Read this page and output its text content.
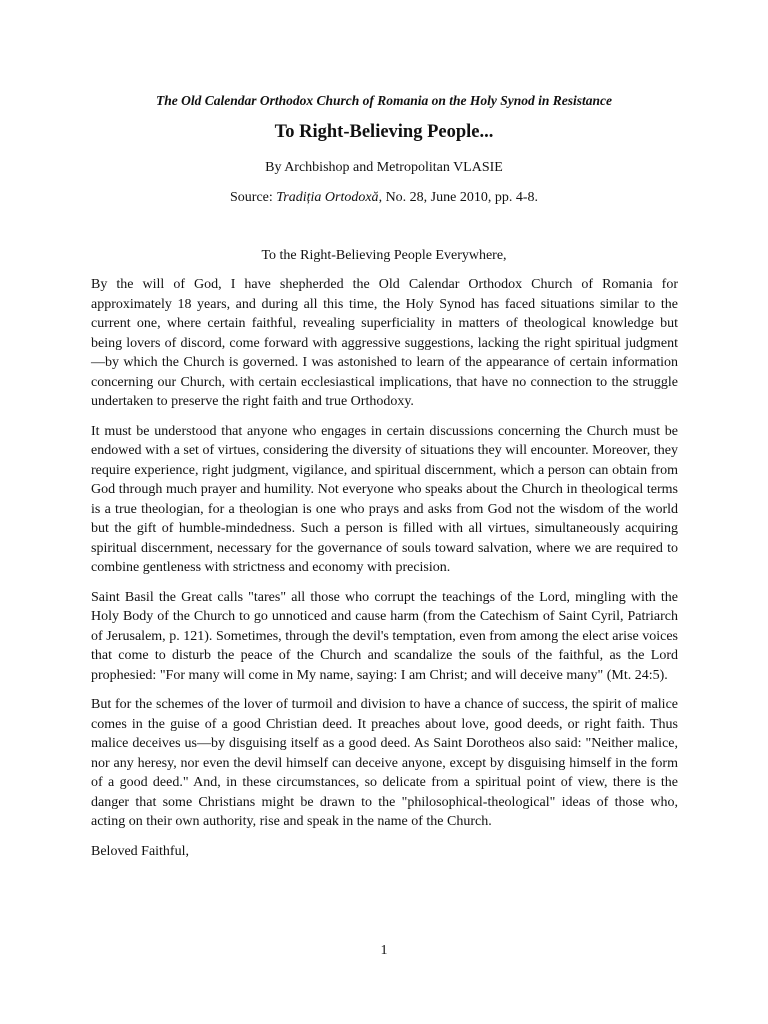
The Old Calendar Orthodox Church of Romania on the Holy Synod in Resistance

To Right-Believing People...

By Archbishop and Metropolitan VLASIE

Source: Tradiția Ortodoxă, No. 28, June 2010, pp. 4-8.

To the Right-Believing People Everywhere,

By the will of God, I have shepherded the Old Calendar Orthodox Church of Romania for approximately 18 years, and during all this time, the Holy Synod has faced situations similar to the current one, where certain faithful, revealing superficiality in matters of theological knowledge but being lovers of discord, come forward with aggressive suggestions, lacking the right spiritual judgment—by which the Church is governed. I was astonished to learn of the appearance of certain information concerning our Church, with certain ecclesiastical implications, that have no connection to the struggle undertaken to preserve the right faith and true Orthodoxy.

It must be understood that anyone who engages in certain discussions concerning the Church must be endowed with a set of virtues, considering the diversity of situations they will encounter. Moreover, they require experience, right judgment, vigilance, and spiritual discernment, which a person can obtain from God through much prayer and humility. Not everyone who speaks about the Church in theological terms is a true theologian, for a theologian is one who prays and asks from God not the wisdom of the world but the gift of humble-mindedness. Such a person is filled with all virtues, simultaneously acquiring spiritual discernment, necessary for the governance of souls toward salvation, where we are required to combine gentleness with strictness and economy with precision.

Saint Basil the Great calls "tares" all those who corrupt the teachings of the Lord, mingling with the Holy Body of the Church to go unnoticed and cause harm (from the Catechism of Saint Cyril, Patriarch of Jerusalem, p. 121). Sometimes, through the devil's temptation, even from among the elect arise voices that come to disturb the peace of the Church and scandalize the souls of the faithful, as the Lord prophesied: "For many will come in My name, saying: I am Christ; and will deceive many" (Mt. 24:5).

But for the schemes of the lover of turmoil and division to have a chance of success, the spirit of malice comes in the guise of a good Christian deed. It preaches about love, good deeds, or right faith. Thus malice deceives us—by disguising itself as a good deed. As Saint Dorotheos also said: "Neither malice, nor any heresy, nor even the devil himself can deceive anyone, except by disguising himself in the form of a good deed." And, in these circumstances, so delicate from a spiritual point of view, there is the danger that some Christians might be drawn to the "philosophical-theological" ideas of those who, acting on their own authority, rise and speak in the name of the Church.

Beloved Faithful,

1
